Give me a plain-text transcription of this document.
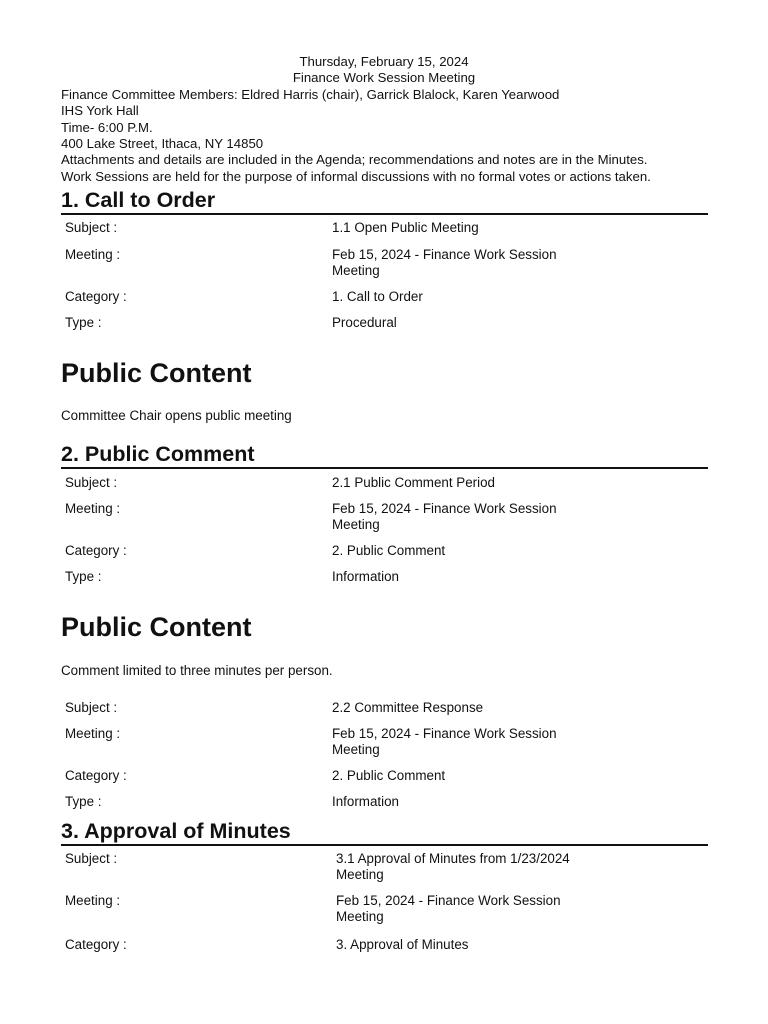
Thursday, February 15, 2024
Finance Work Session Meeting
Finance Committee Members: Eldred Harris (chair), Garrick Blalock, Karen Yearwood
IHS York Hall
Time- 6:00 P.M.
400 Lake Street, Ithaca, NY 14850
Attachments and details are included in the Agenda; recommendations and notes are in the Minutes.
Work Sessions are held for the purpose of informal discussions with no formal votes or actions taken.
1. Call to Order
Subject :	1.1 Open Public Meeting
Meeting :	Feb 15, 2024 - Finance Work Session
Meeting
Category :	1. Call to Order
Type :	Procedural
Public Content
Committee Chair opens public meeting
2. Public Comment
Subject :	2.1 Public Comment Period
Meeting :	Feb 15, 2024 - Finance Work Session
Meeting
Category :	2. Public Comment
Type :	Information
Public Content
Comment limited to three minutes per person.
Subject :	2.2 Committee Response
Meeting :	Feb 15, 2024 - Finance Work Session
Meeting
Category :	2. Public Comment
Type :	Information
3. Approval of Minutes
Subject :	3.1 Approval of Minutes from 1/23/2024
Meeting
Meeting :	Feb 15, 2024 - Finance Work Session
Meeting
Category :	3. Approval of Minutes
